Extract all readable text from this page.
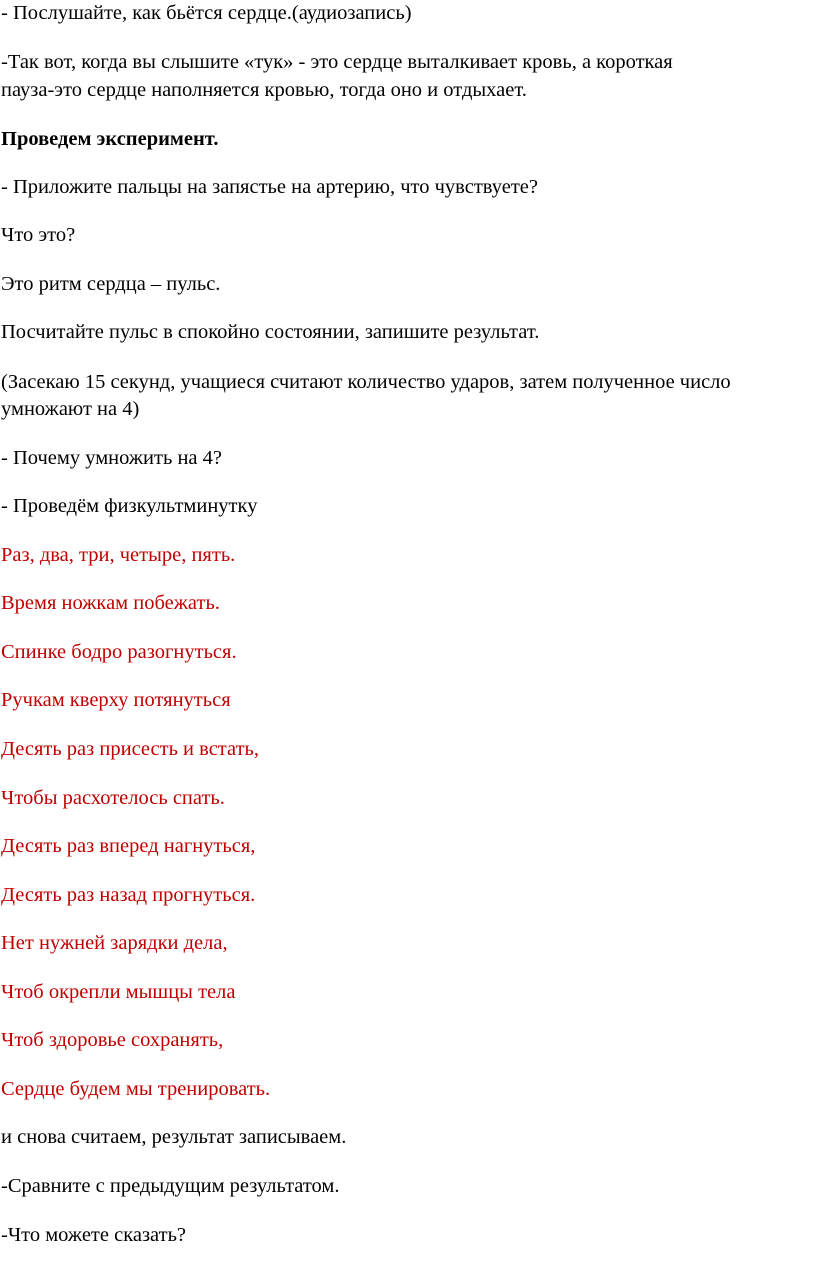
- Послушайте, как бьётся сердце.(аудиозапись)
-Так вот, когда вы слышите «тук» - это сердце выталкивает кровь, а короткая
пауза-это сердце наполняется кровью, тогда оно и отдыхает.
Проведем эксперимент.
- Приложите пальцы на запястье на артерию, что чувствуете?
Что это?
Это ритм сердца – пульс.
Посчитайте пульс в спокойно состоянии, запишите результат.
(Засекаю 15 секунд, учащиеся считают количество ударов, затем полученное число
умножают на 4)
- Почему умножить на 4?
- Проведём физкультминутку
Раз, два, три, четыре, пять.
Время ножкам побежать.
Спинке бодро разогнуться.
Ручкам кверху потянуться
Десять раз присесть и встать,
Чтобы расхотелось спать.
Десять раз вперед нагнуться,
Десять раз назад прогнуться.
Нет нужней зарядки дела,
Чтоб окрепли мышцы тела
Чтоб здоровье сохранять,
Сердце будем мы тренировать.
и снова считаем, результат записываем.
-Сравните с предыдущим результатом.
-Что можете сказать?
